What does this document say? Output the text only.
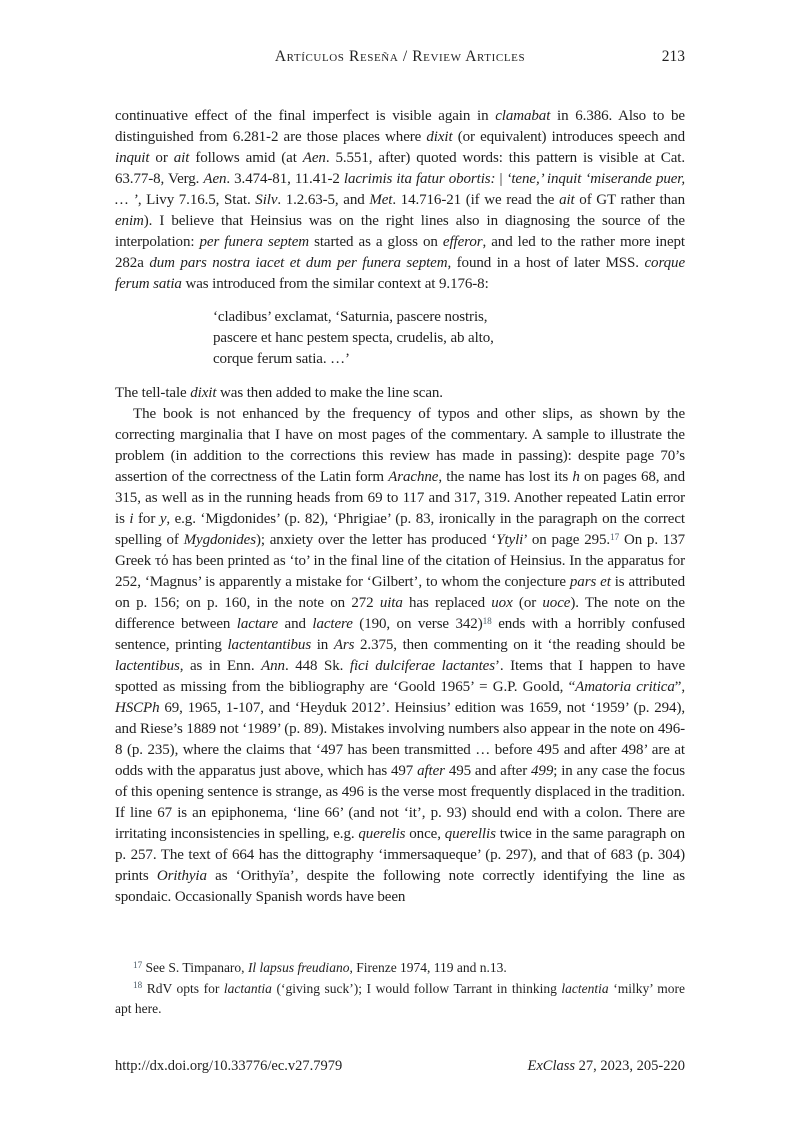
Artículos Reseña / Review Articles	213

continuative effect of the final imperfect is visible again in clamabat in 6.386. Also to be distinguished from 6.281-2 are those places where dixit (or equivalent) introduces speech and inquit or ait follows amid (at Aen. 5.551, after) quoted words: this pattern is visible at Cat. 63.77-8, Verg. Aen. 3.474-81, 11.41-2 lacrimis ita fatur obortis: | ‘tene,’ inquit ‘miserande puer, … ’, Livy 7.16.5, Stat. Silv. 1.2.63-5, and Met. 14.716-21 (if we read the ait of GT rather than enim). I believe that Heinsius was on the right lines also in diagnosing the source of the interpolation: per funera septem started as a gloss on efferor, and led to the rather more inept 282a dum pars nostra iacet et dum per funera septem, found in a host of later MSS. corque ferum satia was introduced from the similar context at 9.176-8:

‘cladibus’ exclamat, ‘Saturnia, pascere nostris,
pascere et hanc pestem specta, crudelis, ab alto,
corque ferum satia. …’

The tell-tale dixit was then added to make the line scan.

The book is not enhanced by the frequency of typos and other slips, as shown by the correcting marginalia that I have on most pages of the commentary. A sample to illustrate the problem (in addition to the corrections this review has made in passing): despite page 70’s assertion of the correctness of the Latin form Arachne, the name has lost its h on pages 68, and 315, as well as in the running heads from 69 to 117 and 317, 319. Another repeated Latin error is i for y, e.g. ‘Migdonides’ (p. 82), ‘Phrigiae’ (p. 83, ironically in the paragraph on the correct spelling of Mygdonides); anxiety over the letter has produced ‘Ytyli’ on page 295.17 On p. 137 Greek τό has been printed as ‘to’ in the final line of the citation of Heinsius. In the apparatus for 252, ‘Magnus’ is apparently a mistake for ‘Gilbert’, to whom the conjecture pars et is attributed on p. 156; on p. 160, in the note on 272 uita has replaced uox (or uoce). The note on the difference between lactare and lactere (190, on verse 342)$^{18}$ ends with a horribly confused sentence, printing lactentantibus in Ars 2.375, then commenting on it ‘the reading should be lactentibus, as in Enn. Ann. 448 Sk. fici dulciferae lactantes’. Items that I happen to have spotted as missing from the bibliography are ‘Goold 1965’ = G.P. Goold, “Amatoria critica”, HSCPh 69, 1965, 1-107, and ‘Heyduk 2012’. Heinsius’ edition was 1659, not ‘1959’ (p. 294), and Riese’s 1889 not ‘1989’ (p. 89). Mistakes involving numbers also appear in the note on 496-8 (p. 235), where the claims that ‘497 has been transmitted … before 495 and after 498’ are at odds with the apparatus just above, which has 497 after 495 and after 499; in any case the focus of this opening sentence is strange, as 496 is the verse most frequently displaced in the tradition. If line 67 is an epiphonema, ‘line 66’ (and not ‘it’, p. 93) should end with a colon. There are irritating inconsistencies in spelling, e.g. querelis once, querellis twice in the same paragraph on p. 257. The text of 664 has the dittography ‘immersaqueque’ (p. 297), and that of 683 (p. 304) prints Orithyia as ‘Orithyïa’, despite the following note correctly identifying the line as spondaic. Occasionally Spanish words have been

$^{17}$ See S. Timpanaro, Il lapsus freudiano, Firenze 1974, 119 and n.13.
$^{18}$ RdV opts for lactantia (‘giving suck’); I would follow Tarrant in thinking lactentia ‘milky’ more apt here.
http://dx.doi.org/10.33776/ec.v27.7979	ExClass 27, 2023, 205-220
